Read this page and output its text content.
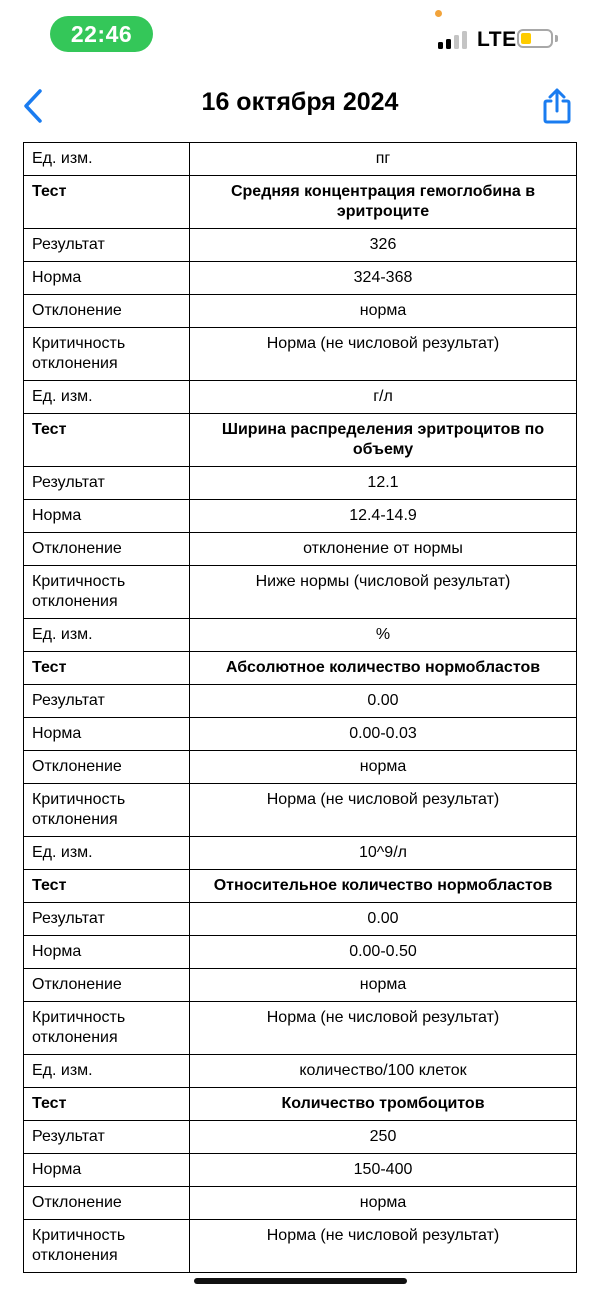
22:46	LTE
16 октября 2024
Ед. изм.	пг
Тест	Средняя концентрация гемоглобина в эритроците
Результат	326
Норма	324-368
Отклонение	норма
Критичность отклонения	Норма (не числовой результат)
Ед. изм.	г/л
Тест	Ширина распределения эритроцитов по объему
Результат	12.1
Норма	12.4-14.9
Отклонение	отклонение от нормы
Критичность отклонения	Ниже нормы (числовой результат)
Ед. изм.	%
Тест	Абсолютное количество нормобластов
Результат	0.00
Норма	0.00-0.03
Отклонение	норма
Критичность отклонения	Норма (не числовой результат)
Ед. изм.	10^9/л
Тест	Относительное количество нормобластов
Результат	0.00
Норма	0.00-0.50
Отклонение	норма
Критичность отклонения	Норма (не числовой результат)
Ед. изм.	количество/100 клеток
Тест	Количество тромбоцитов
Результат	250
Норма	150-400
Отклонение	норма
Критичность отклонения	Норма (не числовой результат)
